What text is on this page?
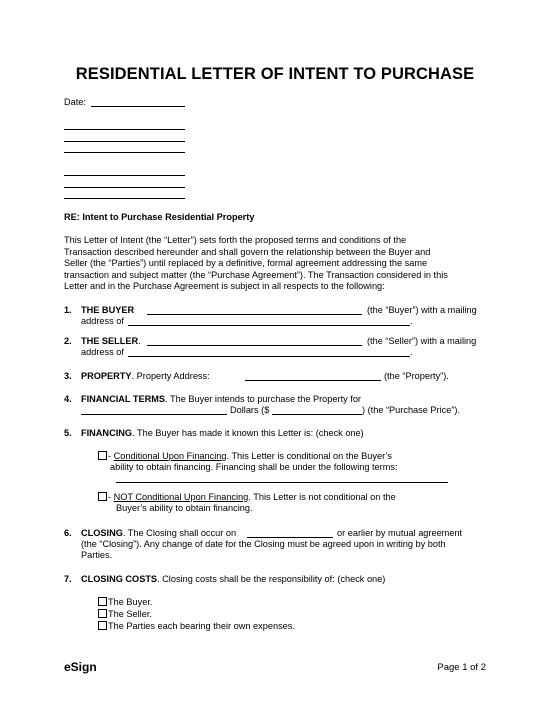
RESIDENTIAL LETTER OF INTENT TO PURCHASE
Date:
RE: Intent to Purchase Residential Property
This Letter of Intent (the “Letter”) sets forth the proposed terms and conditions of the
Transaction described hereunder and shall govern the relationship between the Buyer and
Seller (the “Parties”) until replaced by a definitive, formal agreement addressing the same
transaction and subject matter (the “Purchase Agreement”). The Transaction considered in this
Letter and in the Purchase Agreement is subject in all respects to the following:
1. THE BUYER	(the “Buyer”) with a mailing
address of	.
2. THE SELLER.	(the “Seller”) with a mailing
address of	.
3. PROPERTY. Property Address:	(the “Property”).
4. FINANCIAL TERMS. The Buyer intends to purchase the Property for
Dollars ($	) (the “Purchase Price”).
5. FINANCING. The Buyer has made it known this Letter is: (check one)
- Conditional Upon Financing. This Letter is conditional on the Buyer’s
ability to obtain financing. Financing shall be under the following terms:
- NOT Conditional Upon Financing. This Letter is not conditional on the
Buyer’s ability to obtain financing.
6. CLOSING. The Closing shall occur on	or earlier by mutual agreement
(the “Closing”). Any change of date for the Closing must be agreed upon in writing by both
Parties.
7. CLOSING COSTS. Closing costs shall be the responsibility of: (check one)
The Buyer.
The Seller.
The Parties each bearing their own expenses.
eSign	Page 1 of 2
